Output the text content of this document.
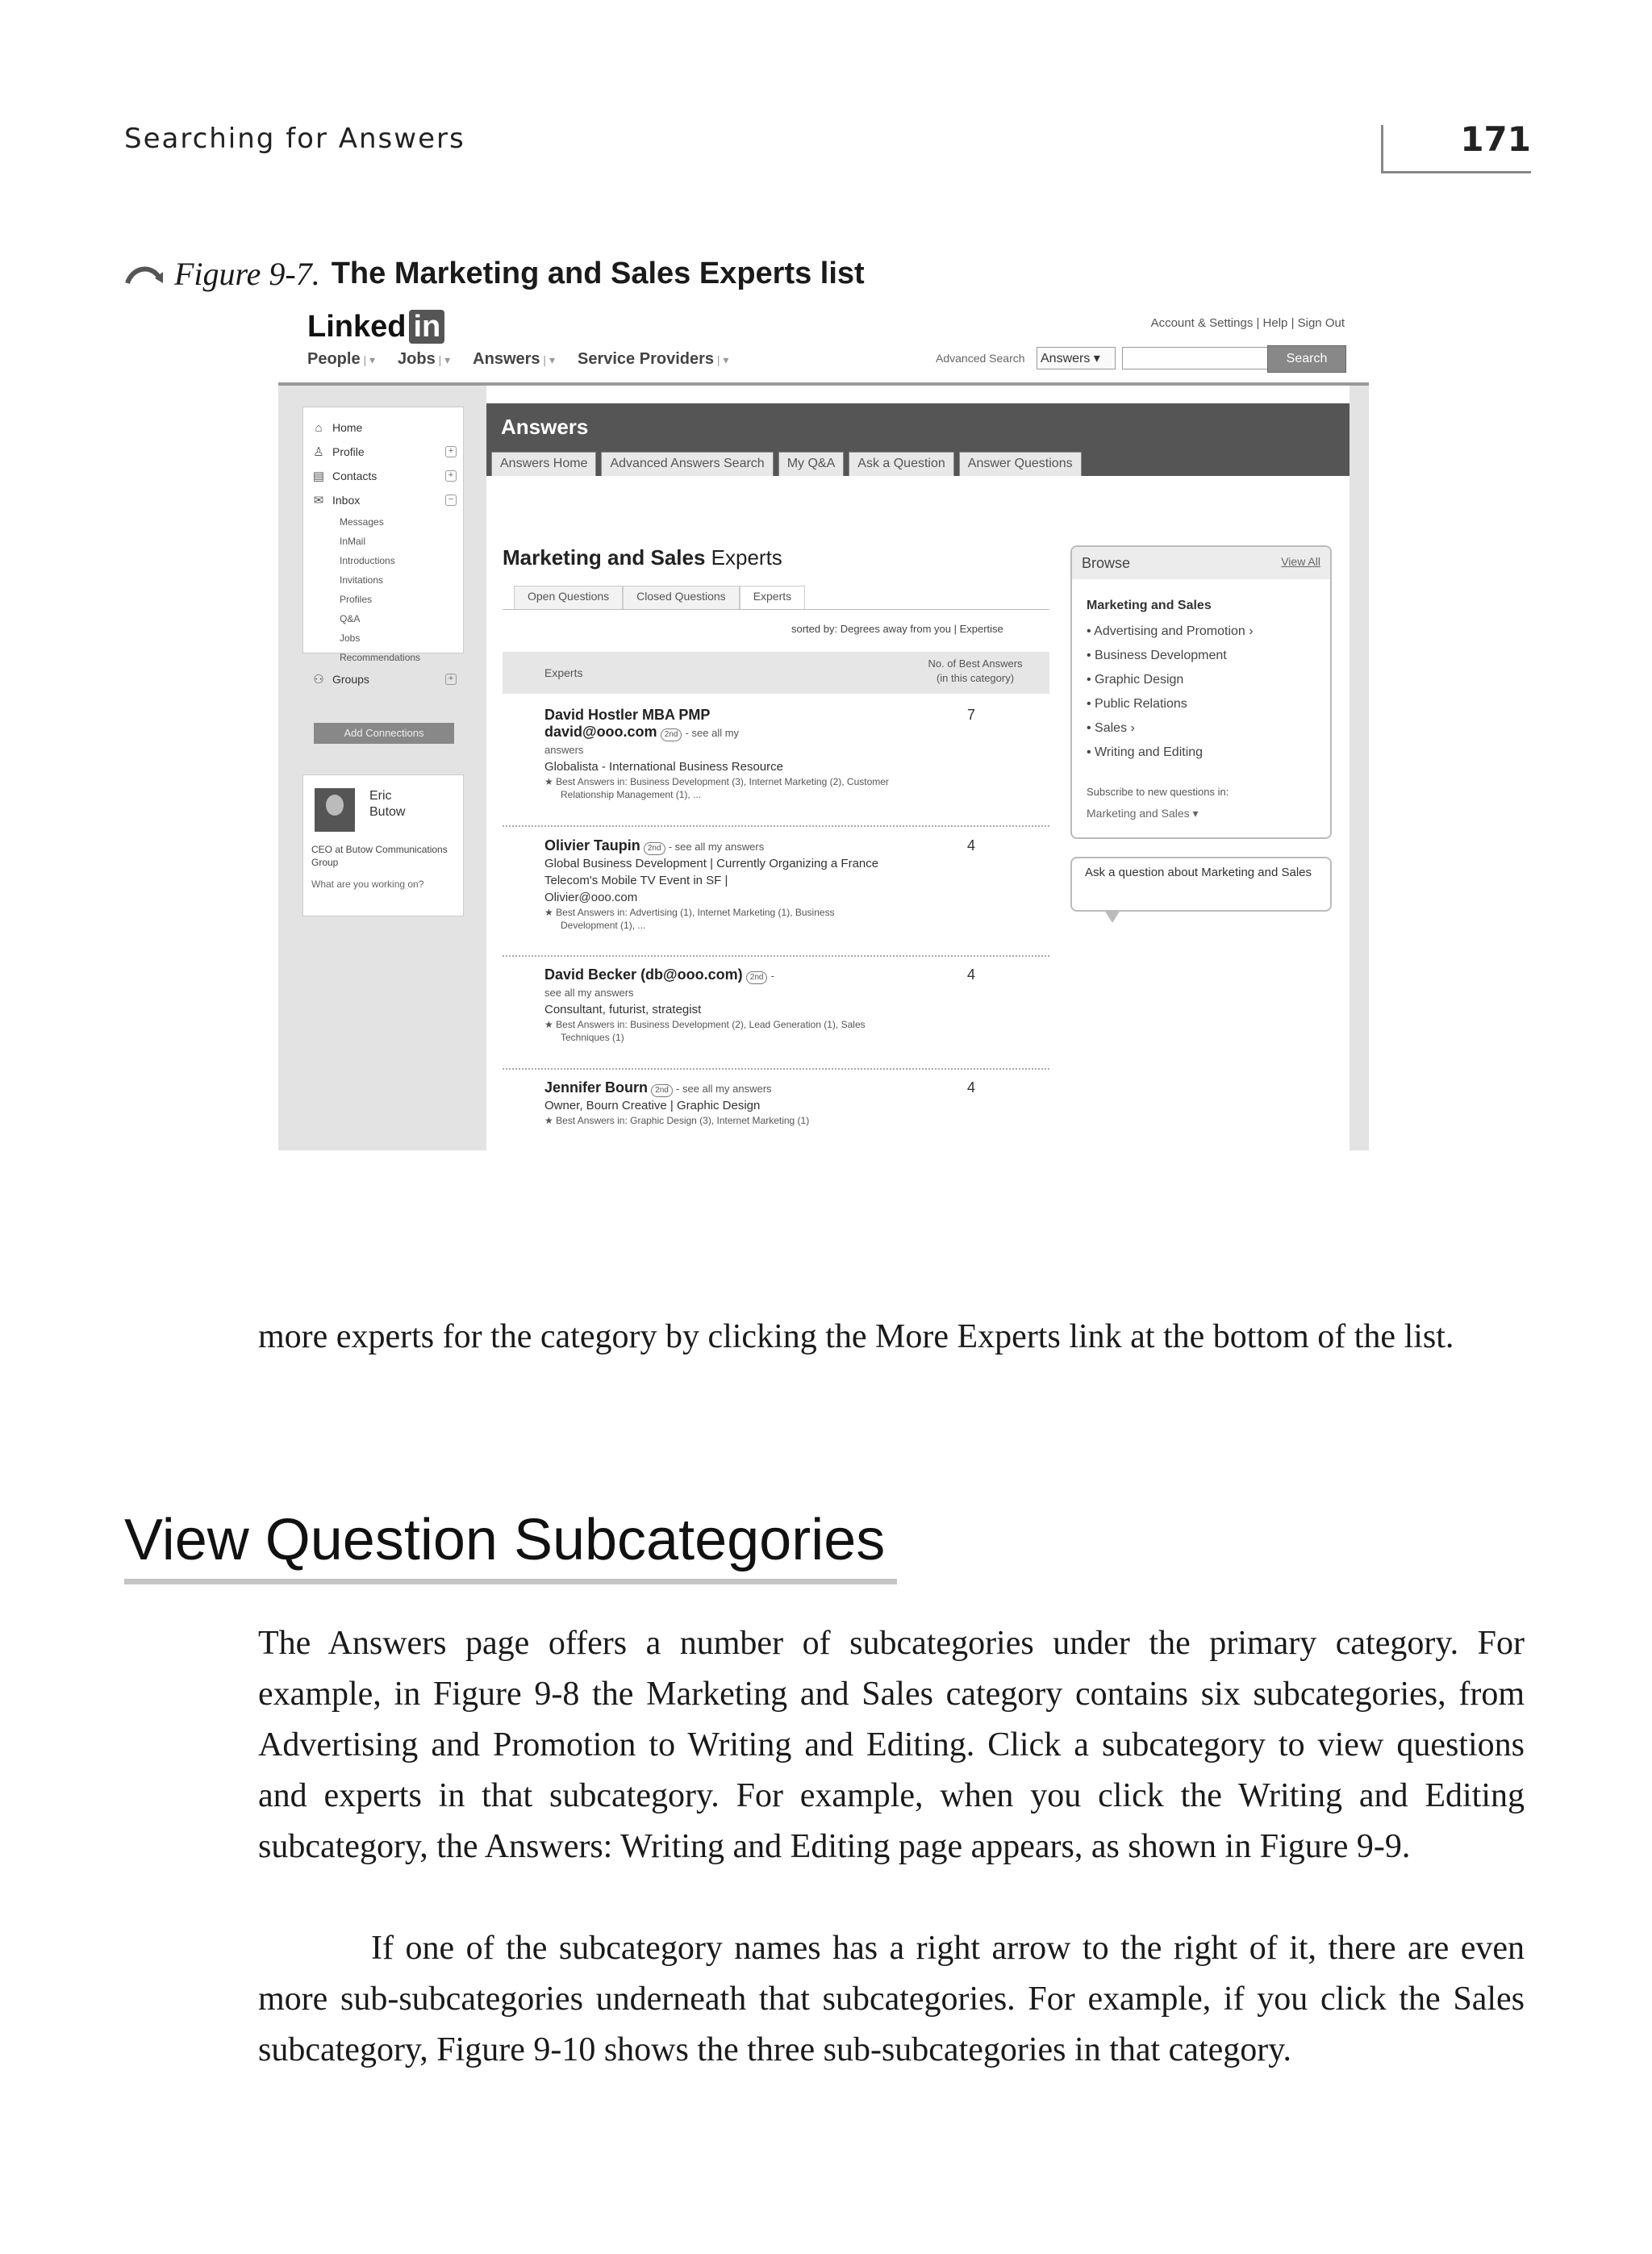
Searching for Answers	171
Figure 9-7. The Marketing and Sales Experts list
Linked in	Account & Settings | Help | Sign Out
People | ▾	Jobs | ▾	Answers | ▾	Service Providers | ▾	Advanced Search	Answers ▾	Search
⌂ Home
♙ Profile	+
▤ Contacts	+
✉ Inbox	−
Messages
InMail
Introductions
Invitations
Profiles
Q&A
Jobs
Recommendations
⚇ Groups	+
Add Connections
Eric
Butow
CEO at Butow Communications Group
What are you working on?
Answers
Answers Home	Advanced Answers Search	My Q&A	Ask a Question	Answer Questions
Marketing and Sales Experts
Open Questions	Closed Questions	Experts
sorted by: Degrees away from you | Expertise
Experts
No. of Best Answers
(in this category)
David Hostler MBA PMP
david@ooo.com 2nd - see all my
answers
Globalista - International Business Resource
★ Best Answers in: Business Development (3), Internet Marketing (2), Customer Relationship Management (1), ...
7
Olivier Taupin 2nd - see all my answers
Global Business Development | Currently Organizing a France Telecom's Mobile TV Event in SF |
Olivier@ooo.com
★ Best Answers in: Advertising (1), Internet Marketing (1), Business Development (1), ...
4
David Becker (db@ooo.com) 2nd -
see all my answers
Consultant, futurist, strategist
★ Best Answers in: Business Development (2), Lead Generation (1), Sales Techniques (1)
4
Jennifer Bourn 2nd - see all my answers
Owner, Bourn Creative | Graphic Design
★ Best Answers in: Graphic Design (3), Internet Marketing (1)
4
Browse	View All
Marketing and Sales
• Advertising and Promotion ›
• Business Development
• Graphic Design
• Public Relations
• Sales ›
• Writing and Editing
Subscribe to new questions in:
Marketing and Sales ▾
Ask a question about Marketing and Sales
more experts for the category by clicking the More Experts link at the bottom of the list.
View Question Subcategories
The Answers page offers a number of subcategories under the primary category. For example, in Figure 9-8 the Marketing and Sales category contains six subcategories, from Advertising and Promotion to Writing and Editing. Click a subcategory to view questions and experts in that subcategory. For example, when you click the Writing and Editing subcategory, the Answers: Writing and Editing page appears, as shown in Figure 9-9.
If one of the subcategory names has a right arrow to the right of it, there are even more sub-subcategories underneath that subcategories. For example, if you click the Sales subcategory, Figure 9-10 shows the three sub-subcategories in that category.
